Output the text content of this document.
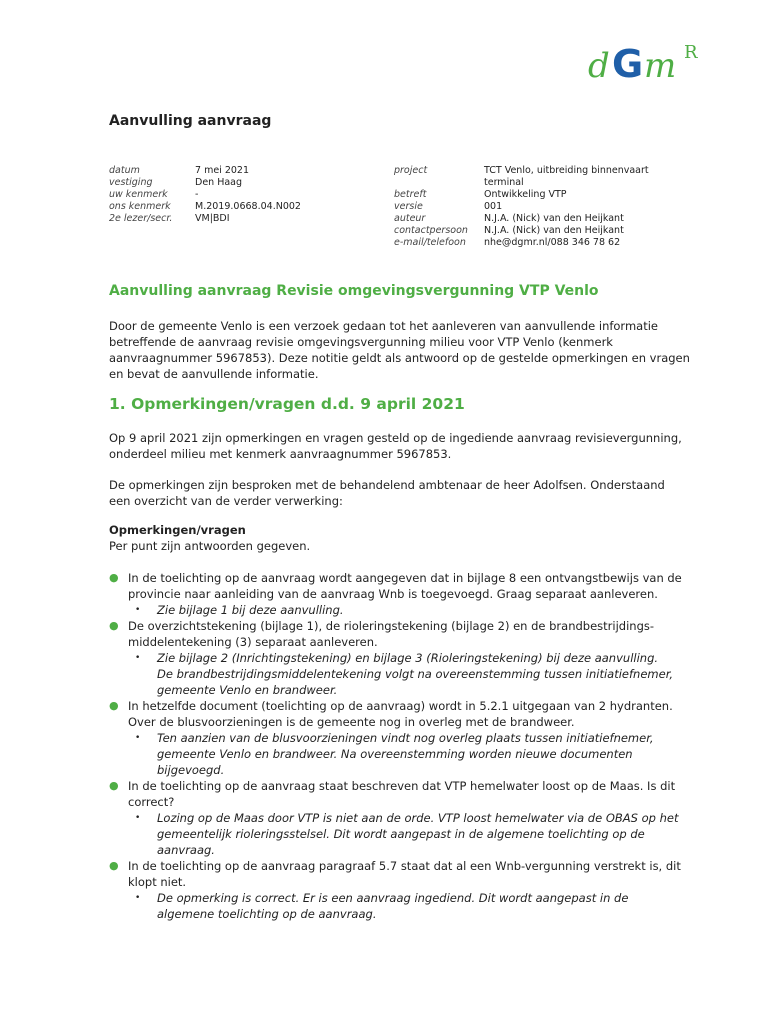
d G m R
Aanvulling aanvraag
datum	7 mei 2021
vestiging	Den Haag
uw kenmerk	-
ons kenmerk	M.2019.0668.04.N002
2e lezer/secr.	VM|BDI
project	TCT Venlo, uitbreiding binnenvaart
terminal
betreft	Ontwikkeling VTP
versie	001
auteur	N.J.A. (Nick) van den Heijkant
contactpersoon	N.J.A. (Nick) van den Heijkant
e-mail/telefoon	nhe@dgmr.nl/088 346 78 62
Aanvulling aanvraag Revisie omgevingsvergunning VTP Venlo
Door de gemeente Venlo is een verzoek gedaan tot het aanleveren van aanvullende informatie
betreffende de aanvraag revisie omgevingsvergunning milieu voor VTP Venlo (kenmerk
aanvraagnummer 5967853). Deze notitie geldt als antwoord op de gestelde opmerkingen en vragen
en bevat de aanvullende informatie.
1. Opmerkingen/vragen d.d. 9 april 2021
Op 9 april 2021 zijn opmerkingen en vragen gesteld op de ingediende aanvraag revisievergunning,
onderdeel milieu met kenmerk aanvraagnummer 5967853.
De opmerkingen zijn besproken met de behandelend ambtenaar de heer Adolfsen. Onderstaand
een overzicht van de verder verwerking:
Opmerkingen/vragen
Per punt zijn antwoorden gegeven.
● In de toelichting op de aanvraag wordt aangegeven dat in bijlage 8 een ontvangstbewijs van de
provincie naar aanleiding van de aanvraag Wnb is toegevoegd. Graag separaat aanleveren.
• Zie bijlage 1 bij deze aanvulling.
● De overzichtstekening (bijlage 1), de rioleringstekening (bijlage 2) en de brandbestrijdings-
middelentekening (3) separaat aanleveren.
• Zie bijlage 2 (Inrichtingstekening) en bijlage 3 (Rioleringstekening) bij deze aanvulling.
De brandbestrijdingsmiddelentekening volgt na overeenstemming tussen initiatiefnemer,
gemeente Venlo en brandweer.
● In hetzelfde document (toelichting op de aanvraag) wordt in 5.2.1 uitgegaan van 2 hydranten.
Over de blusvoorzieningen is de gemeente nog in overleg met de brandweer.
• Ten aanzien van de blusvoorzieningen vindt nog overleg plaats tussen initiatiefnemer,
gemeente Venlo en brandweer. Na overeenstemming worden nieuwe documenten
bijgevoegd.
● In de toelichting op de aanvraag staat beschreven dat VTP hemelwater loost op de Maas. Is dit
correct?
• Lozing op de Maas door VTP is niet aan de orde. VTP loost hemelwater via de OBAS op het
gemeentelijk rioleringsstelsel. Dit wordt aangepast in de algemene toelichting op de
aanvraag.
● In de toelichting op de aanvraag paragraaf 5.7 staat dat al een Wnb-vergunning verstrekt is, dit
klopt niet.
• De opmerking is correct. Er is een aanvraag ingediend. Dit wordt aangepast in de
algemene toelichting op de aanvraag.
